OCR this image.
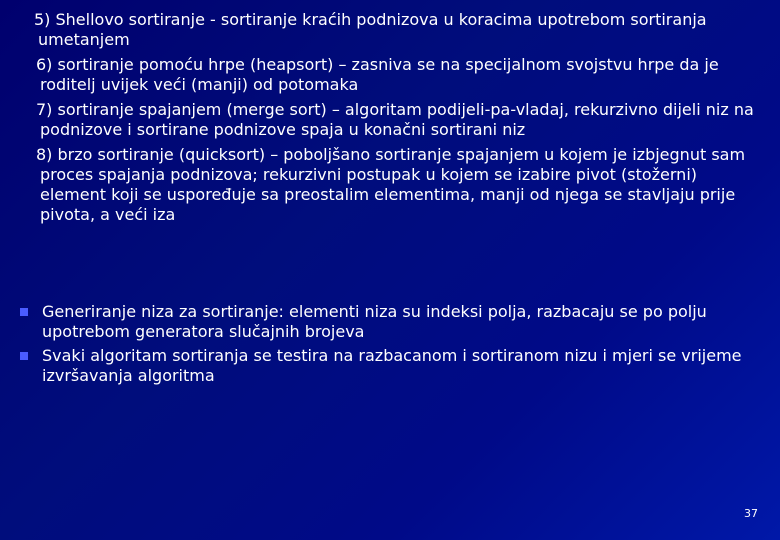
5) Shellovo sortiranje - sortiranje kraćih podnizova u koracima upotrebom sortiranja umetanjem

6) sortiranje pomoću hrpe (heapsort) – zasniva se na specijalnom svojstvu hrpe da je roditelj uvijek veći (manji) od potomaka

7) sortiranje spajanjem (merge sort) – algoritam podijeli-pa-vladaj, rekurzivno dijeli niz na podnizove i sortirane podnizove spaja u konačni sortirani niz

8) brzo sortiranje (quicksort) – poboljšano sortiranje spajanjem u kojem je izbjegnut sam proces spajanja podnizova; rekurzivni postupak u kojem se izabire pivot (stožerni) element koji se uspoređuje sa preostalim elementima, manji od njega se stavljaju prije pivota, a veći iza

Generiranje niza za sortiranje: elementi niza su indeksi polja, razbacaju se po polju upotrebom generatora slučajnih brojeva
Svaki algoritam sortiranja se testira na razbacanom i sortiranom nizu i mjeri se vrijeme izvršavanja algoritma
37
